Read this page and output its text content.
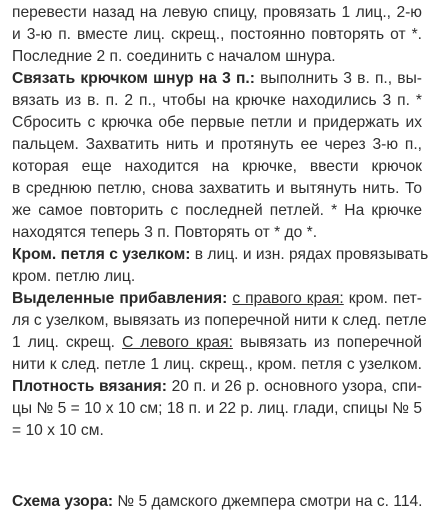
перевести назад на левую спицу, провязать 1 лиц., 2-ю
и 3-ю п. вместе лиц. скрещ., постоянно повторять от *.
Последние 2 п. соединить с началом шнура.
Связать крючком шнур на 3 п.: выполнить 3 в. п., вы-
вязать из в. п. 2 п., чтобы на крючке находились 3 п. *
Сбросить с крючка обе первые петли и придержать их
пальцем. Захватить нить и протянуть ее через 3-ю п.,
которая еще находится на крючке, ввести крючок
в среднюю петлю, снова захватить и вытянуть нить. То
же самое повторить с последней петлей. * На крючке
находятся теперь 3 п. Повторять от * до *.
Кром. петля с узелком: в лиц. и изн. рядах провязывать
кром. петлю лиц.
Выделенные прибавления: с правого края: кром. пет-
ля с узелком, вывязать из поперечной нити к след. петле
1 лиц. скрещ. С левого края: вывязать из поперечной
нити к след. петле 1 лиц. скрещ., кром. петля с узелком.
Плотность вязания: 20 п. и 26 р. основного узора, спи-
цы № 5 = 10 х 10 см; 18 п. и 22 р. лиц. глади, спицы № 5
= 10 х 10 см.
Схема узора: № 5 дамского джемпера смотри на с. 114.
